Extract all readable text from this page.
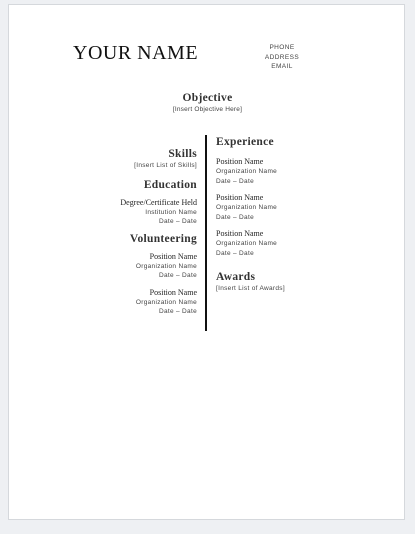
YOUR NAME	PHONE
ADDRESS
EMAIL
Objective
[Insert Objective Here]
Skills
[Insert List of Skills]
Education
Degree/Certificate Held
Institution Name
Date – Date
Volunteering
Position Name
Organization Name
Date – Date
Position Name
Organization Name
Date – Date
Experience
Position Name
Organization Name
Date – Date
Position Name
Organization Name
Date – Date
Position Name
Organization Name
Date – Date
Awards
[Insert List of Awards]
